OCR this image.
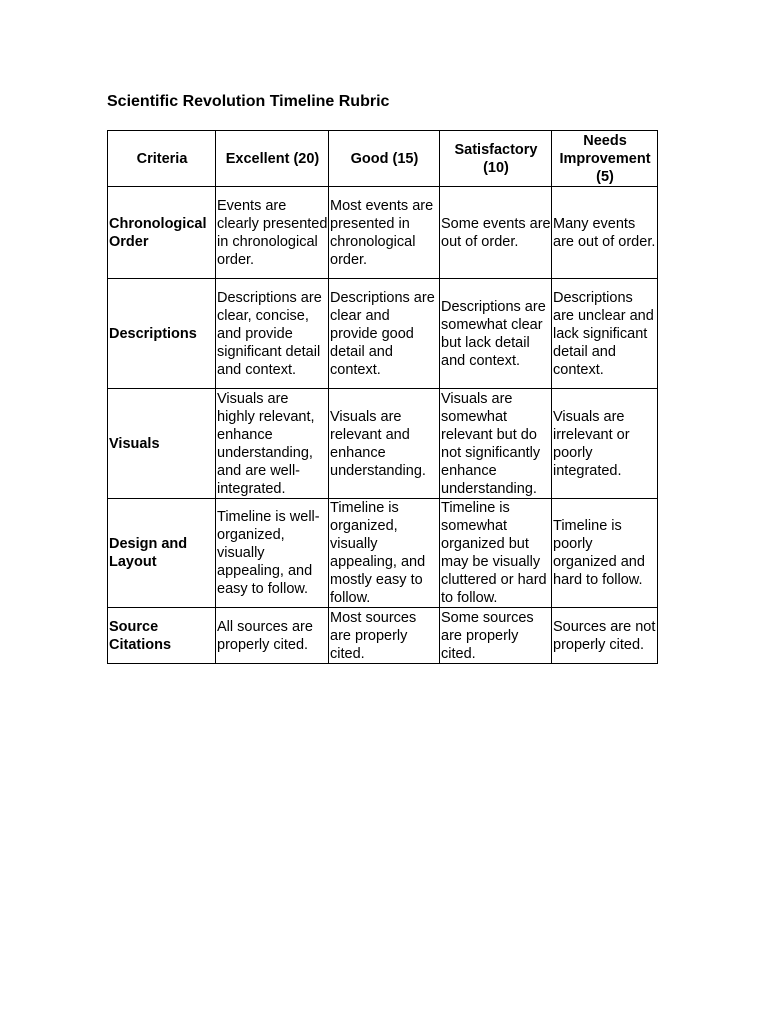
Scientific Revolution Timeline Rubric
Criteria	Excellent (20)	Good (15)	Satisfactory (10)	Needs Improvement (5)
Chronological Order	Events are clearly presented in chronological order.	Most events are presented in chronological order.	Some events are out of order.	Many events are out of order.
Descriptions	Descriptions are clear, concise, and provide significant detail and context.	Descriptions are clear and provide good detail and context.	Descriptions are somewhat clear but lack detail and context.	Descriptions are unclear and lack significant detail and context.
Visuals	Visuals are highly relevant, enhance understanding, and are well-integrated.	Visuals are relevant and enhance understanding.	Visuals are somewhat relevant but do not significantly enhance understanding.	Visuals are irrelevant or poorly integrated.
Design and Layout	Timeline is well-organized, visually appealing, and easy to follow.	Timeline is organized, visually appealing, and mostly easy to follow.	Timeline is somewhat organized but may be visually cluttered or hard to follow.	Timeline is poorly organized and hard to follow.
Source Citations	All sources are properly cited.	Most sources are properly cited.	Some sources are properly cited.	Sources are not properly cited.
